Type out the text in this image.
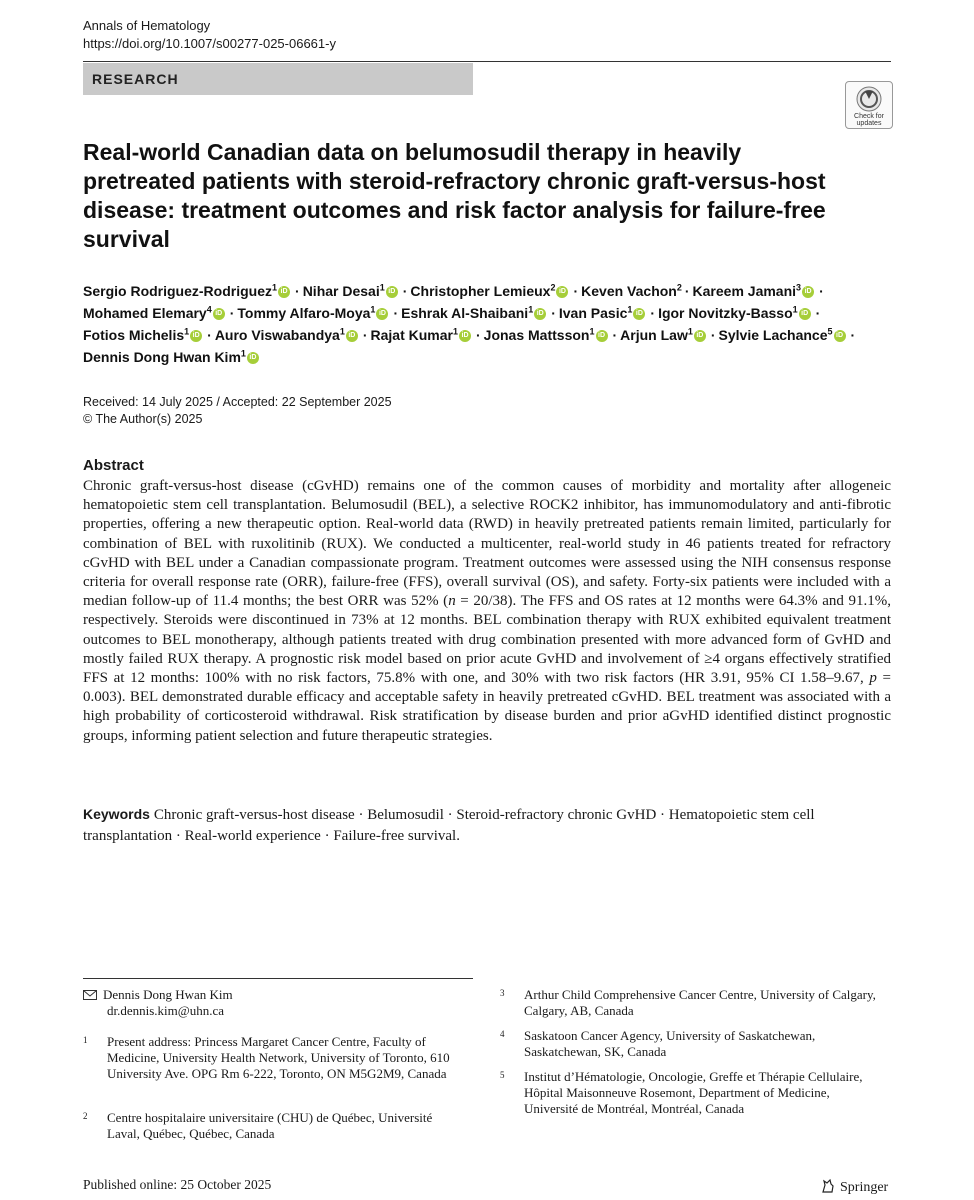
Annals of Hematology
https://doi.org/10.1007/s00277-025-06661-y
RESEARCH
Check for updates
Real-world Canadian data on belumosudil therapy in heavily pretreated patients with steroid-refractory chronic graft-versus-host disease: treatment outcomes and risk factor analysis for failure-free survival
Sergio Rodriguez-Rodriguez$^1$ iD · Nihar Desai$^1$ iD · Christopher Lemieux$^2$ iD · Keven Vachon$^2$ · Kareem Jamani$^3$ iD ·
Mohamed Elemary$^4$ iD · Tommy Alfaro-Moya$^1$ iD · Eshrak Al-Shaibani$^1$ iD · Ivan Pasic$^1$ iD · Igor Novitzky-Basso$^1$ iD ·
Fotios Michelis$^1$ iD · Auro Viswabandya$^1$ iD · Rajat Kumar$^1$ iD · Jonas Mattsson$^1$ iD · Arjun Law$^1$ iD · Sylvie Lachance$^5$ iD ·
Dennis Dong Hwan Kim$^1$ iD
Received: 14 July 2025 / Accepted: 22 September 2025
© The Author(s) 2025
Abstract
Chronic graft-versus-host disease (cGvHD) remains one of the common causes of morbidity and mortality after allogeneic hematopoietic stem cell transplantation. Belumosudil (BEL), a selective ROCK2 inhibitor, has immunomodulatory and anti-fibrotic properties, offering a new therapeutic option. Real-world data (RWD) in heavily pretreated patients remain limited, particularly for combination of BEL with ruxolitinib (RUX). We conducted a multicenter, real-world study in 46 patients treated for refractory cGvHD with BEL under a Canadian compassionate program. Treatment outcomes were assessed using the NIH consensus response criteria for overall response rate (ORR), failure-free (FFS), overall survival (OS), and safety. Forty-six patients were included with a median follow-up of 11.4 months; the best ORR was 52% (n = 20/38). The FFS and OS rates at 12 months were 64.3% and 91.1%, respectively. Steroids were discontinued in 73% at 12 months. BEL combination therapy with RUX exhibited equivalent treatment outcomes to BEL monotherapy, although patients treated with drug combination presented with more advanced form of GvHD and mostly failed RUX therapy. A prognostic risk model based on prior acute GvHD and involvement of ≥4 organs effectively stratified FFS at 12 months: 100% with no risk factors, 75.8% with one, and 30% with two risk factors (HR 3.91, 95% CI 1.58–9.67, p = 0.003). BEL demonstrated durable efficacy and acceptable safety in heavily pretreated cGvHD. BEL treatment was associated with a high probability of corticosteroid withdrawal. Risk stratification by disease burden and prior aGvHD identified distinct prognostic groups, informing patient selection and future therapeutic strategies.
Keywords Chronic graft-versus-host disease · Belumosudil · Steroid-refractory chronic GvHD · Hematopoietic stem cell transplantation · Real-world experience · Failure-free survival.
Dennis Dong Hwan Kim
dr.dennis.kim@uhn.ca
1 Present address: Princess Margaret Cancer Centre, Faculty of Medicine, University Health Network, University of Toronto, 610 University Ave. OPG Rm 6-222, Toronto, ON M5G2M9, Canada
2 Centre hospitalaire universitaire (CHU) de Québec, Université Laval, Québec, Québec, Canada
3 Arthur Child Comprehensive Cancer Centre, University of Calgary, Calgary, AB, Canada
4 Saskatoon Cancer Agency, University of Saskatchewan, Saskatchewan, SK, Canada
5 Institut d’Hématologie, Oncologie, Greffe et Thérapie Cellulaire, Hôpital Maisonneuve Rosemont, Department of Medicine, Université de Montréal, Montréal, Canada
Published online: 25 October 2025	Springer
